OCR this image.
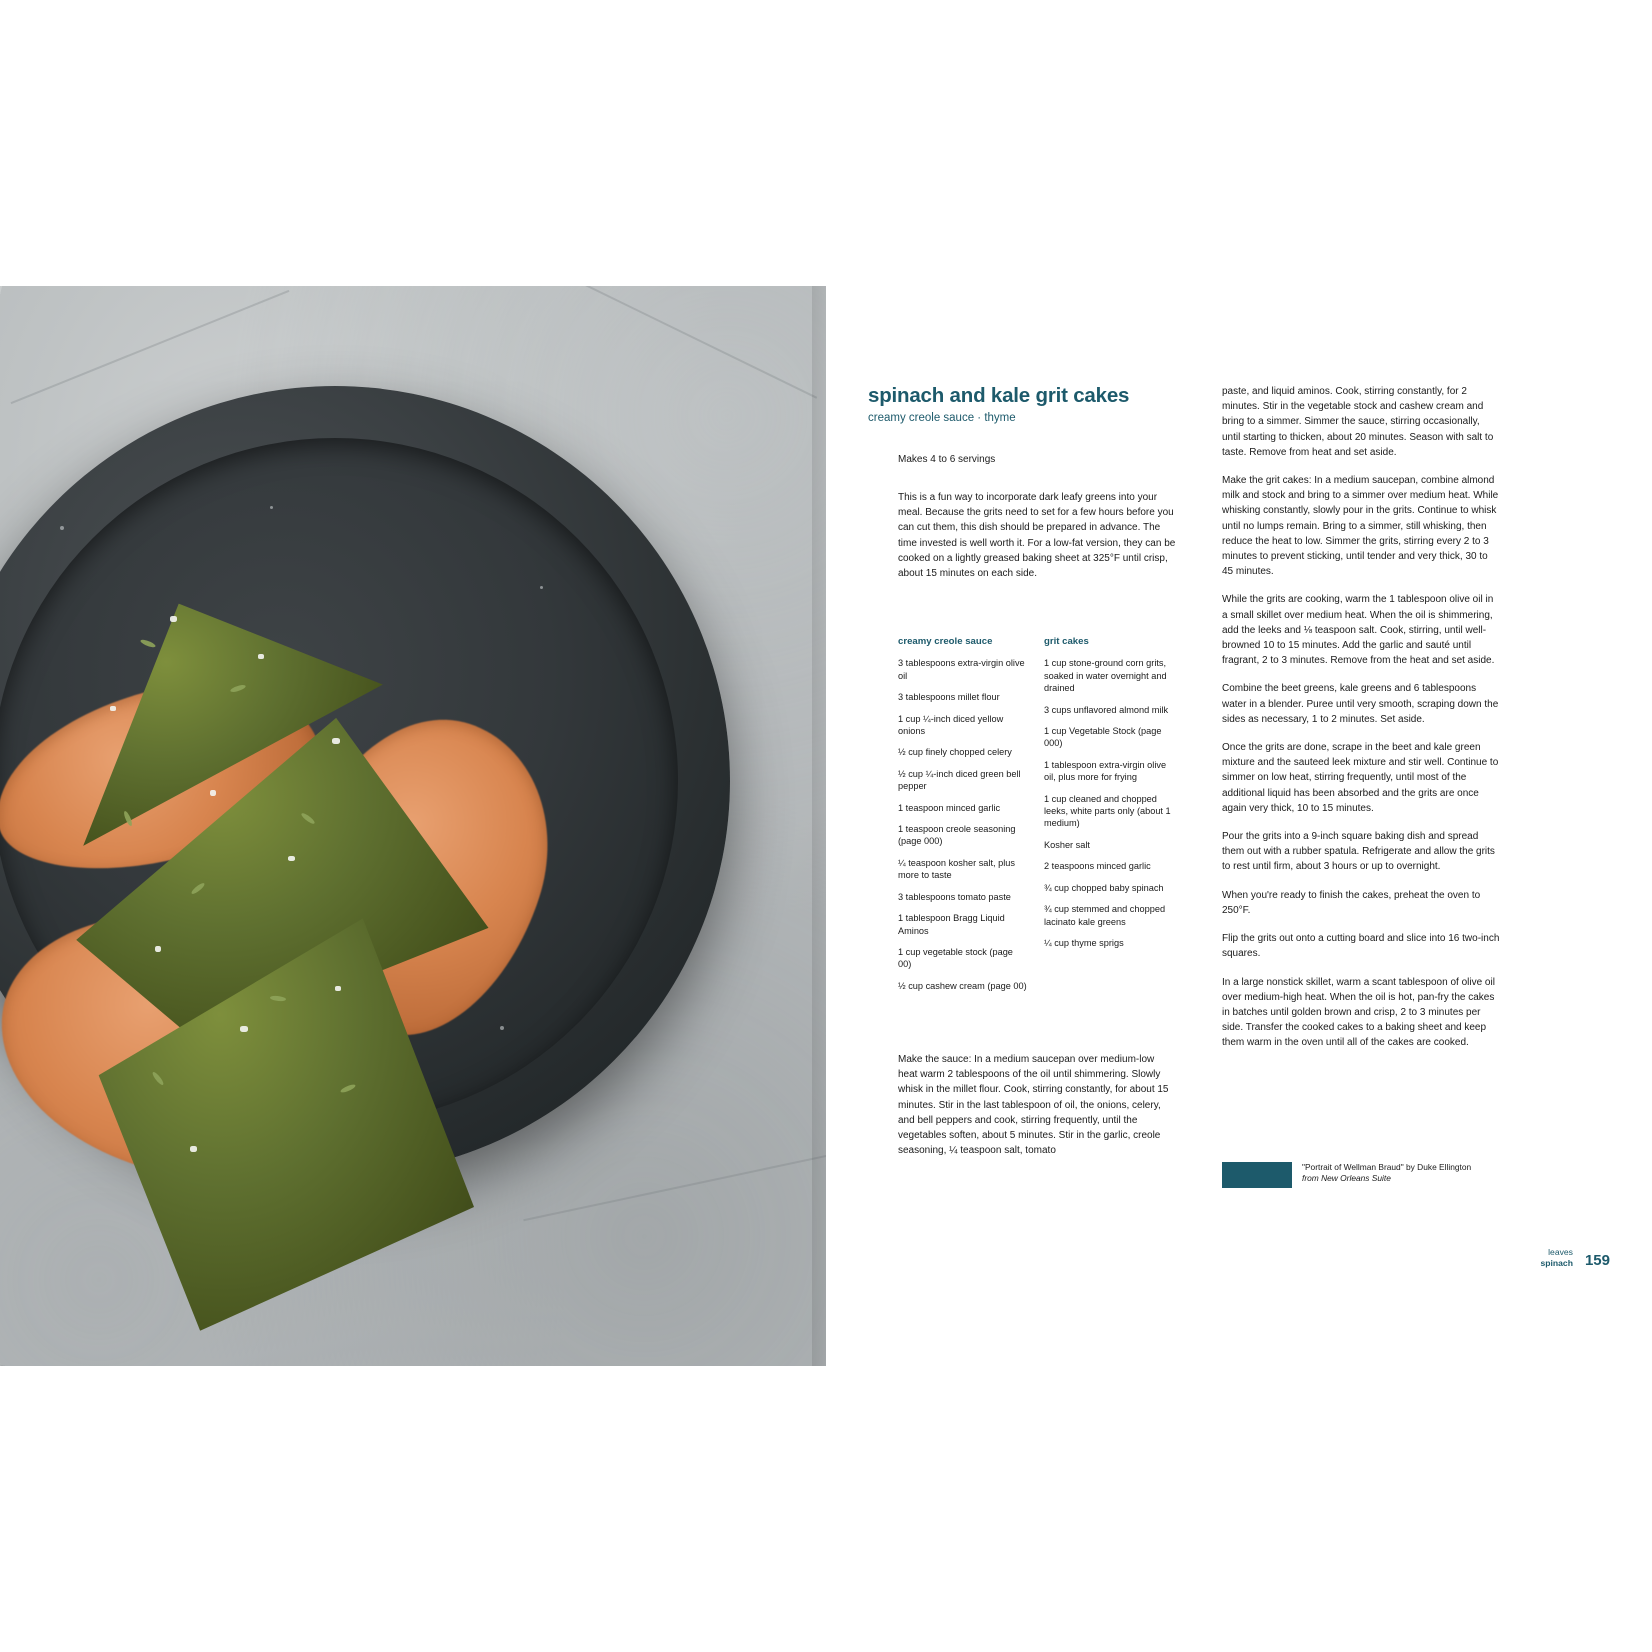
spinach and kale grit cakes
creamy creole sauce · thyme
Makes 4 to 6 servings
This is a fun way to incorporate dark leafy greens into your meal. Because the grits need to set for a few hours before you can cut them, this dish should be prepared in advance. The time invested is well worth it. For a low-fat version, they can be cooked on a lightly greased baking sheet at 325°F until crisp, about 15 minutes on each side.
creamy creole sauce
3 tablespoons extra-virgin olive oil
3 tablespoons millet flour
1 cup ¼-inch diced yellow onions
½ cup finely chopped celery
½ cup ¼-inch diced green bell pepper
1 teaspoon minced garlic
1 teaspoon creole seasoning (page 000)
¼ teaspoon kosher salt, plus more to taste
3 tablespoons tomato paste
1 tablespoon Bragg Liquid Aminos
1 cup vegetable stock (page 00)
½ cup cashew cream (page 00)
grit cakes
1 cup stone-ground corn grits, soaked in water overnight and drained
3 cups unflavored almond milk
1 cup Vegetable Stock (page 000)
1 tablespoon extra-virgin olive oil, plus more for frying
1 cup cleaned and chopped leeks, white parts only (about 1 medium)
Kosher salt
2 teaspoons minced garlic
¾ cup chopped baby spinach
¾ cup stemmed and chopped lacinato kale greens
¼ cup thyme sprigs

Make the sauce: In a medium saucepan over medium-low heat warm 2 tablespoons of the oil until shimmering. Slowly whisk in the millet flour. Cook, stirring constantly, for about 15 minutes. Stir in the last tablespoon of oil, the onions, celery, and bell peppers and cook, stirring frequently, until the vegetables soften, about 5 minutes. Stir in the garlic, creole seasoning, ¼ teaspoon salt, tomato

paste, and liquid aminos. Cook, stirring constantly, for 2 minutes. Stir in the vegetable stock and cashew cream and bring to a simmer. Simmer the sauce, stirring occasionally, until starting to thicken, about 20 minutes. Season with salt to taste. Remove from heat and set aside.

Make the grit cakes: In a medium saucepan, combine almond milk and stock and bring to a simmer over medium heat. While whisking constantly, slowly pour in the grits. Continue to whisk until no lumps remain. Bring to a simmer, still whisking, then reduce the heat to low. Simmer the grits, stirring every 2 to 3 minutes to prevent sticking, until tender and very thick, 30 to 45 minutes.

While the grits are cooking, warm the 1 tablespoon olive oil in a small skillet over medium heat. When the oil is shimmering, add the leeks and ⅛ teaspoon salt. Cook, stirring, until well-browned 10 to 15 minutes. Add the garlic and sauté until fragrant, 2 to 3 minutes. Remove from the heat and set aside.

Combine the beet greens, kale greens and 6 tablespoons water in a blender. Puree until very smooth, scraping down the sides as necessary, 1 to 2 minutes. Set aside.

Once the grits are done, scrape in the beet and kale green mixture and the sauteed leek mixture and stir well. Continue to simmer on low heat, stirring frequently, until most of the additional liquid has been absorbed and the grits are once again very thick, 10 to 15 minutes.

Pour the grits into a 9-inch square baking dish and spread them out with a rubber spatula. Refrigerate and allow the grits to rest until firm, about 3 hours or up to overnight.

When you're ready to finish the cakes, preheat the oven to 250°F.

Flip the grits out onto a cutting board and slice into 16 two-inch squares.

In a large nonstick skillet, warm a scant tablespoon of olive oil over medium-high heat. When the oil is hot, pan-fry the cakes in batches until golden brown and crisp, 2 to 3 minutes per side. Transfer the cooked cakes to a baking sheet and keep them warm in the oven until all of the cakes are cooked.

"Portrait of Wellman Braud" by Duke Ellington
from New Orleans Suite
leaves
spinach 159
